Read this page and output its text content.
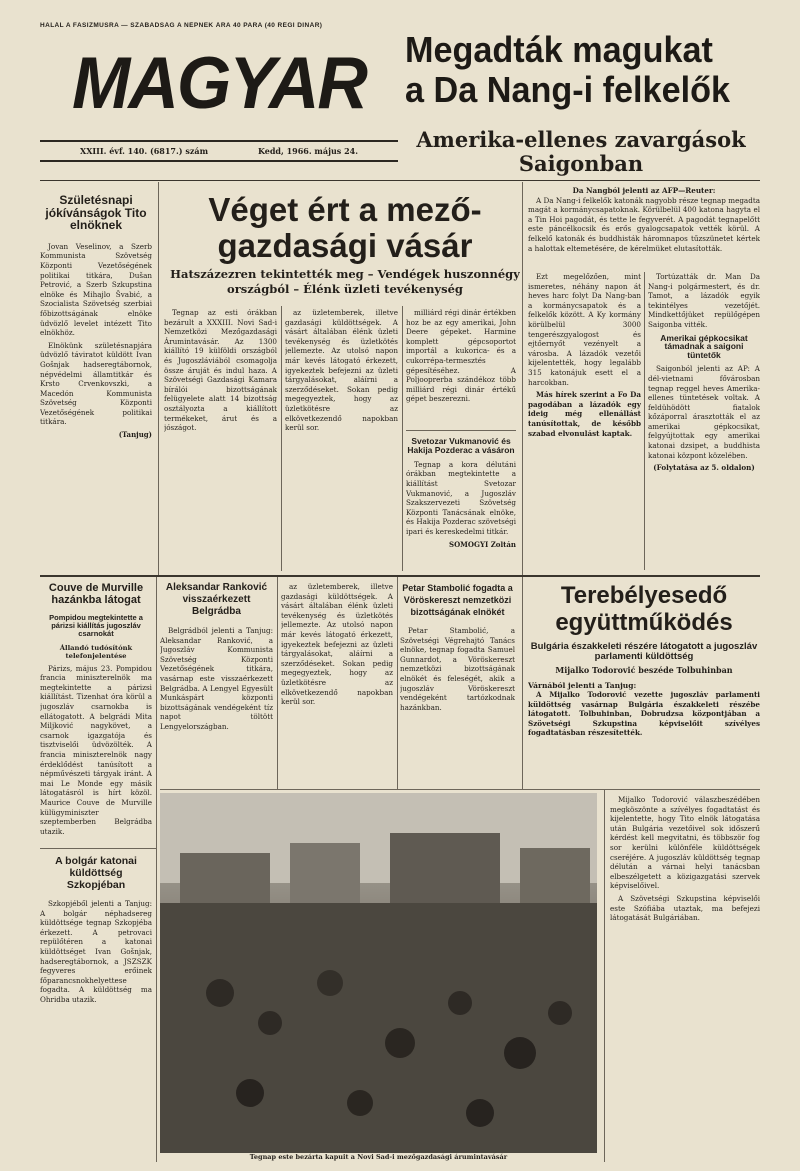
HALÁL A FASIZMUSRA — SZABADSÁG A NÉPNEK ÁRA 40 PARA (40 RÉGI DINÁR)
MAGYAR
XXIII. évf. 140. (6817.) szám	Kedd, 1966. május 24.
Megadták magukat
a Da Nang-i felkelők
Amerika-ellenes zavargások Saigonban
Születésnapi jókívánságok Tito elnöknek

Jovan Veselinov, a Szerb Kommunista Szövetség Központi Vezetőségének politikai titkára, Dušan Petrović, a Szerb Szkupstina elnöke és Mihajlo Švabić, a Szocialista Szövetség szerbiai főbizottságának elnöke üdvözlő levelet intézett Tito elnökhöz.

Elnökünk születésnapjára üdvözlő táviratot küldött Ivan Gošnjak hadseregtábornok, népvédelmi államtitkár és Krsto Crvenkovszki, a Macedón Kommunista Szövetség Központi Vezetőségének politikai titkára.

(Tanjug)
Véget ért a mező-
gazdasági vásár
Hatszázezren tekintették meg – Vendégek huszonnégy országból – Élénk üzleti tevékenység

Tegnap az esti órákban bezárult a XXXIII. Novi Sad-i Nemzetközi Mezőgazdasági Árumintavásár. Az 1300 kiállító 19 külföldi országból és Jugoszláviából csomagolja össze áruját és indul haza. A Szövetségi Gazdasági Kamara bírálói bizottságának felügyelete alatt 14 bizottság osztályozta a kiállított termékeket, árut és a jószágot.

az üzletemberek, illetve gazdasági küldöttségek. A vásárt általában élénk üzleti tevékenység és üzletkötés jellemezte. Az utolsó napon már kevés látogató érkezett, igyekeztek befejezni az üzleti tárgyalásokat, aláírni a szerződéseket. Sokan pedig megegyeztek, hogy az üzletkötésre az elkövetkezendő napokban kerül sor.

milliárd régi dinár értékben hoz be az egy amerikai, John Deere gépeket. Harmine komplett gépcsoportot importál a kukorica- és a cukorrépa-termesztés gépesítéséhez. A Poljooprerba szándékoz több milliárd régi dinár értékű gépet beszerezni.

Svetozar Vukmanović és Hakija Pozderac a vásáron

Tegnap a kora délutáni órákban megtekintette a kiállítást Svetozar Vukmanović, a Jugoszláv Szakszervezeti Szövetség Központi Tanácsának elnöke, és Hakija Pozderac szövetségi ipari és kereskedelmi titkár.

SOMOGYI Zoltán
Da Nangból jelenti az AFP—Reuter:

A Da Nang-i felkelők katonák nagyobb része tegnap megadta magát a kormánycsapatoknak. Körülbelül 400 katona hagyta el a Tin Hoi pagodát, és tette le fegyverét. A pagodát tegnapelőtt este páncélkocsik és erős gyalogcsapatok vették körül. A felkelő katonák és buddhisták háromnapos tűzszünetet kértek a halottak eltemetésére, de kérelmüket elutasították.

Ezt megelőzően, mint ismeretes, néhány napon át heves harc folyt Da Nang-ban a kormánycsapatok és a felkelők között. A Ky kormány körülbelül 3000 tengerészgyalogost és ejtőernyőt vezényelt a városba. A lázadók vezetői kijelentették, hogy legalább 315 katonájuk esett el a harcokban.

Más hírek szerint a Fo Da pagodában a lázadók egy ideig még ellenállást tanúsítottak, de később szabad elvonulást kaptak.

Tortúzatták dr. Man Da Nang-i polgármestert, és dr. Tamot, a lázadók egyik tekintélyes vezetőjét. Mindkettőjüket repülőgépen Saigonba vitték.

Amerikai gépkocsikat támadnak a saigoni tüntetők

Saigonból jelenti az AP: A dél-vietnami fővárosban tegnap reggel heves Amerika-ellenes tüntetések voltak. A feldühödött fiatalok kőzáporral árasztották el az amerikai gépkocsikat, felgyújtottak egy amerikai katonai dzsipet, a buddhista katonai központ közelében.

(Folytatása az 5. oldalon)
Couve de Murville hazánkba látogat
Pompidou megtekintette a párizsi kiállítás jugoszláv csarnokát
Állandó tudósítónk telefonjelentése

Párizs, május 23. Pompidou francia miniszterelnök ma megtekintette a párizsi kiállítást. Tizenhat óra körül a jugoszláv csarnokba is ellátogatott. A belgrádi Mita Miljković nagykövet, a csarnok igazgatója és tisztviselői üdvözölték. A francia miniszterelnök nagy érdeklődést tanúsított a népművészeti tárgyak iránt. A mai Le Monde egy másik látogatásról is hírt közöl. Maurice Couve de Murville külügyminiszter szeptemberben Belgrádba utazik.

A bolgár katonai küldöttség Szkopjéban

Szkopjéből jelenti a Tanjug: A bolgár néphadsereg küldöttsége tegnap Szkopjéba érkezett. A petrovaci repülőtéren a katonai küldöttséget Ivan Gošnjak, hadseregtábornok, a JSZSZK fegyveres erőinek főparancsnokhelyettese fogadta. A küldöttség ma Ohridba utazik.

Aleksandar Ranković visszaérkezett Belgrádba

Belgrádból jelenti a Tanjug: Aleksandar Ranković, a Jugoszláv Kommunista Szövetség Központi Vezetőségének titkára, vasárnap este visszaérkezett Belgrádba. A Lengyel Egyesült Munkáspárt központi bizottságának vendégeként tíz napot töltött Lengyelországban.

az üzletemberek, illetve gazdasági küldöttségek. A vásárt általában élénk üzleti tevékenység és üzletkötés jellemezte. Az utolsó napon már kevés látogató érkezett, igyekeztek befejezni az üzleti tárgyalásokat, aláírni a szerződéseket. Sokan pedig megegyeztek, hogy az üzletkötésre az elkövetkezendő napokban kerül sor.

Petar Stambolić fogadta a Vöröskereszt nemzetközi bizottságának elnökét

Petar Stambolić, a Szövetségi Végrehajtó Tanács elnöke, tegnap fogadta Samuel Gunnardot, a Vöröskereszt nemzetközi bizottságának elnökét és feleségét, akik a jugoszláv Vöröskereszt vendégeként tartózkodnak hazánkban.

Terebélyesedő
együttműködés
Bulgária északkeleti részére látogatott a jugoszláv parlamenti küldöttség
Mijalko Todorović beszéde Tolbuhinban
Várnából jelenti a Tanjug:

A Mijalko Todorović vezette jugoszláv parlamenti küldöttség vasárnap Bulgária északkeleti részébe látogatott. Tolbuhinban, Dobrudzsa központjában a Szövetségi Szkupstina képviselőit szívélyes fogadtatásban részesítették.

Tegnap este bezárta kapuit a Novi Sad-i mezőgazdasági árumintavásár

Mijalko Todorović válaszbeszédében megköszönte a szívélyes fogadtatást és kijelentette, hogy Tito elnök látogatása után Bulgária vezetőivel sok időszerű kérdést kell megvitatni, és többször fog sor kerülni különféle küldöttségek cseréjére. A jugoszláv küldöttség tegnap délután a várnai helyi tanácsban elbeszélgetett a közigazgatási szervek képviselőivel.

A Szövetségi Szkupstina képviselői este Szófiába utaztak, ma befejezi látogatását Bulgáriában.
